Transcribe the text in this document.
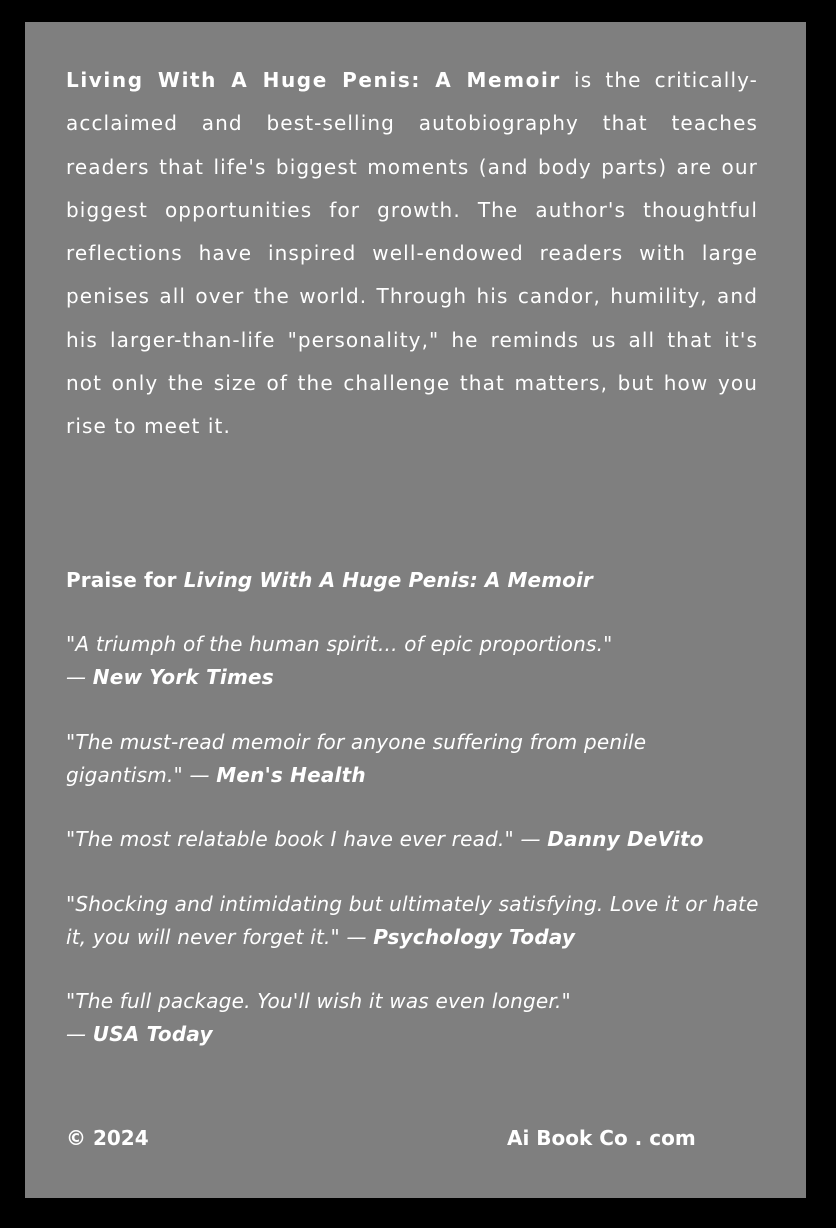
Living With A Huge Penis: A Memoir is the critically-acclaimed and best-selling autobiography that teaches readers that life's biggest moments (and body parts) are our biggest opportunities for growth. The author's thoughtful reflections have inspired well-endowed readers with large penises all over the world. Through his candor, humility, and his larger-than-life "personality," he reminds us all that it's not only the size of the challenge that matters, but how you rise to meet it.

Praise for Living With A Huge Penis: A Memoir

"A triumph of the human spirit... of epic proportions."
— New York Times

"The must-read memoir for anyone suffering from penile gigantism." — Men's Health

"The most relatable book I have ever read." — Danny DeVito

"Shocking and intimidating but ultimately satisfying. Love it or hate it, you will never forget it." — Psychology Today

"The full package. You'll wish it was even longer."
— USA Today

© 2024	Ai Book Co . com
